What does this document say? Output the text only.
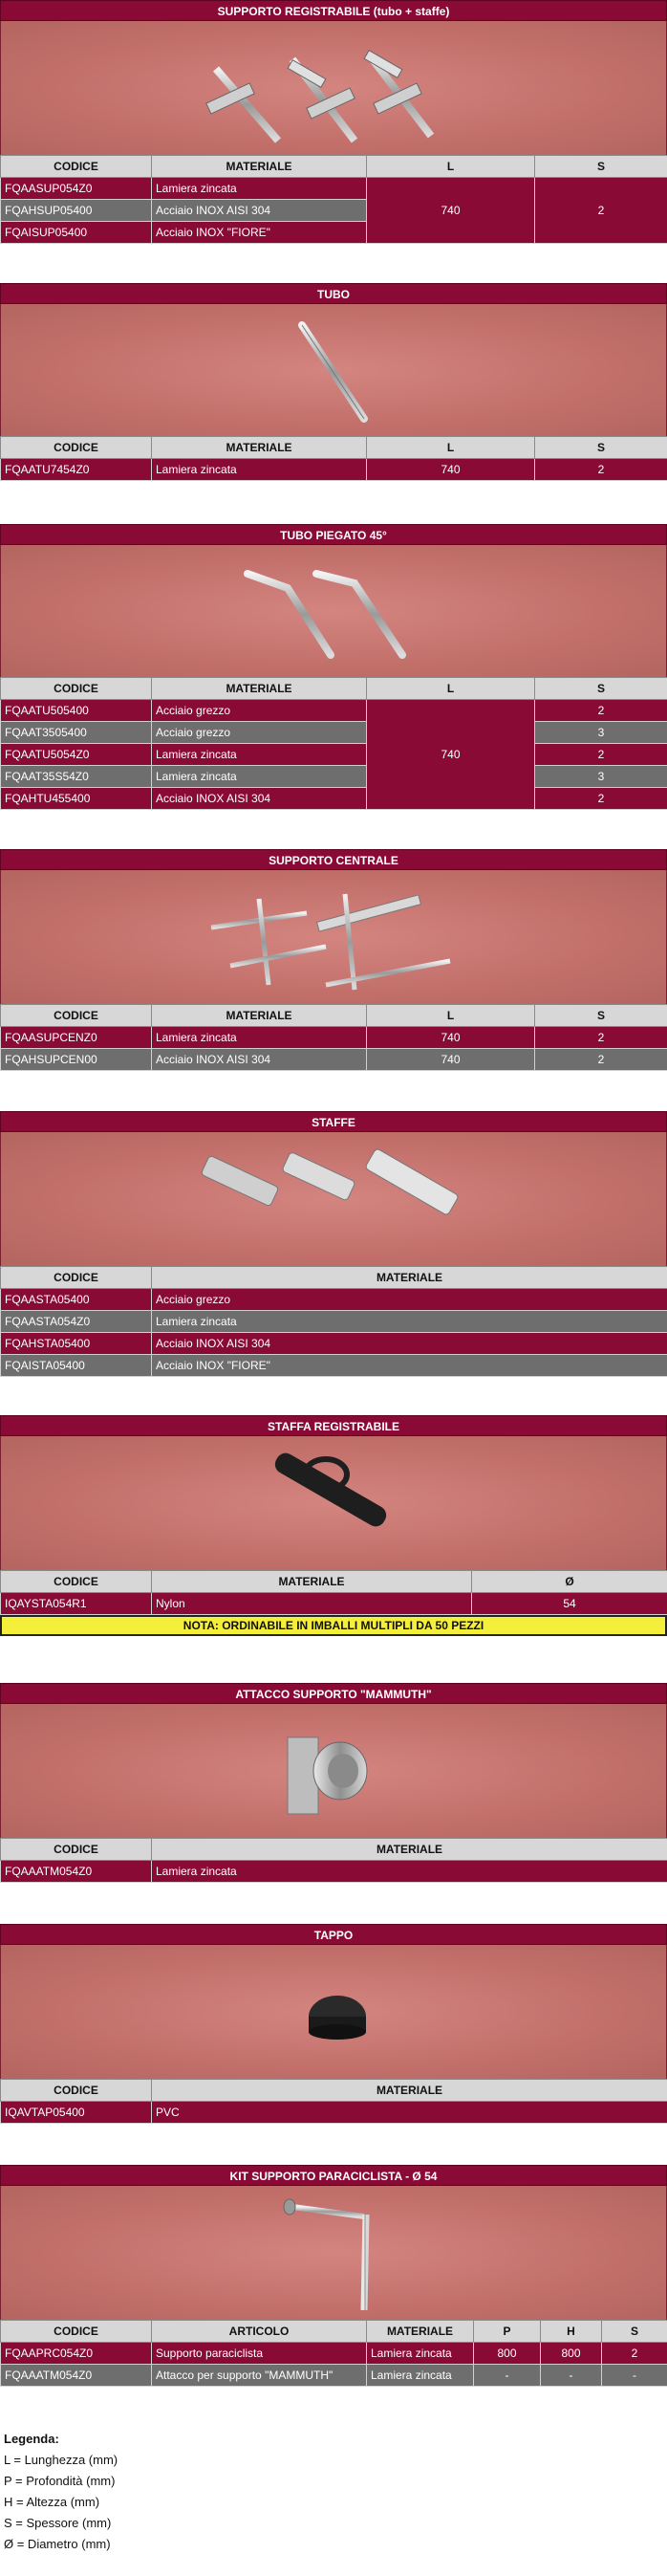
SUPPORTO REGISTRABILE (tubo + staffe)
CODICE	MATERIALE	L	S
FQAASUP054Z0	Lamiera zincata	740	2
FQAHSUP05400	Acciaio INOX AISI 304		
FQAISUP05400	Acciaio INOX "FIORE"		
TUBO
CODICE	MATERIALE	L	S
FQAATU7454Z0	Lamiera zincata	740	2
TUBO PIEGATO 45°
CODICE	MATERIALE	L	S
FQAATU505400	Acciaio grezzo	740	2
FQAAT3505400	Acciaio grezzo		3
FQAATU5054Z0	Lamiera zincata		2
FQAAT35S54Z0	Lamiera zincata		3
FQAHTU455400	Acciaio INOX AISI 304		2
SUPPORTO CENTRALE
CODICE	MATERIALE	L	S
FQAASUPCENZ0	Lamiera zincata	740	2
FQAHSUPCEN00	Acciaio INOX AISI 304	740	2
STAFFE
CODICE	MATERIALE
FQAASTA05400	Acciaio grezzo
FQAASTA054Z0	Lamiera zincata
FQAHSTA05400	Acciaio INOX AISI 304
FQAISTA05400	Acciaio INOX "FIORE"
STAFFA REGISTRABILE
CODICE	MATERIALE	Ø
IQAYSTA054R1	Nylon	54
NOTA: ORDINABILE IN IMBALLI MULTIPLI DA 50 PEZZI
ATTACCO SUPPORTO "MAMMUTH"
CODICE	MATERIALE
FQAAATM054Z0	Lamiera zincata
TAPPO
CODICE	MATERIALE
IQAVTAP05400	PVC
KIT SUPPORTO PARACICLISTA - Ø 54
CODICE	ARTICOLO	MATERIALE	P	H	S
FQAAPRC054Z0	Supporto paraciclista	Lamiera zincata	800	800	2
FQAAATM054Z0	Attacco per supporto "MAMMUTH"	Lamiera zincata	-	-	-
Legenda:
L = Lunghezza (mm)
P = Profondità (mm)
H = Altezza (mm)
S = Spessore (mm)
Ø = Diametro (mm)
